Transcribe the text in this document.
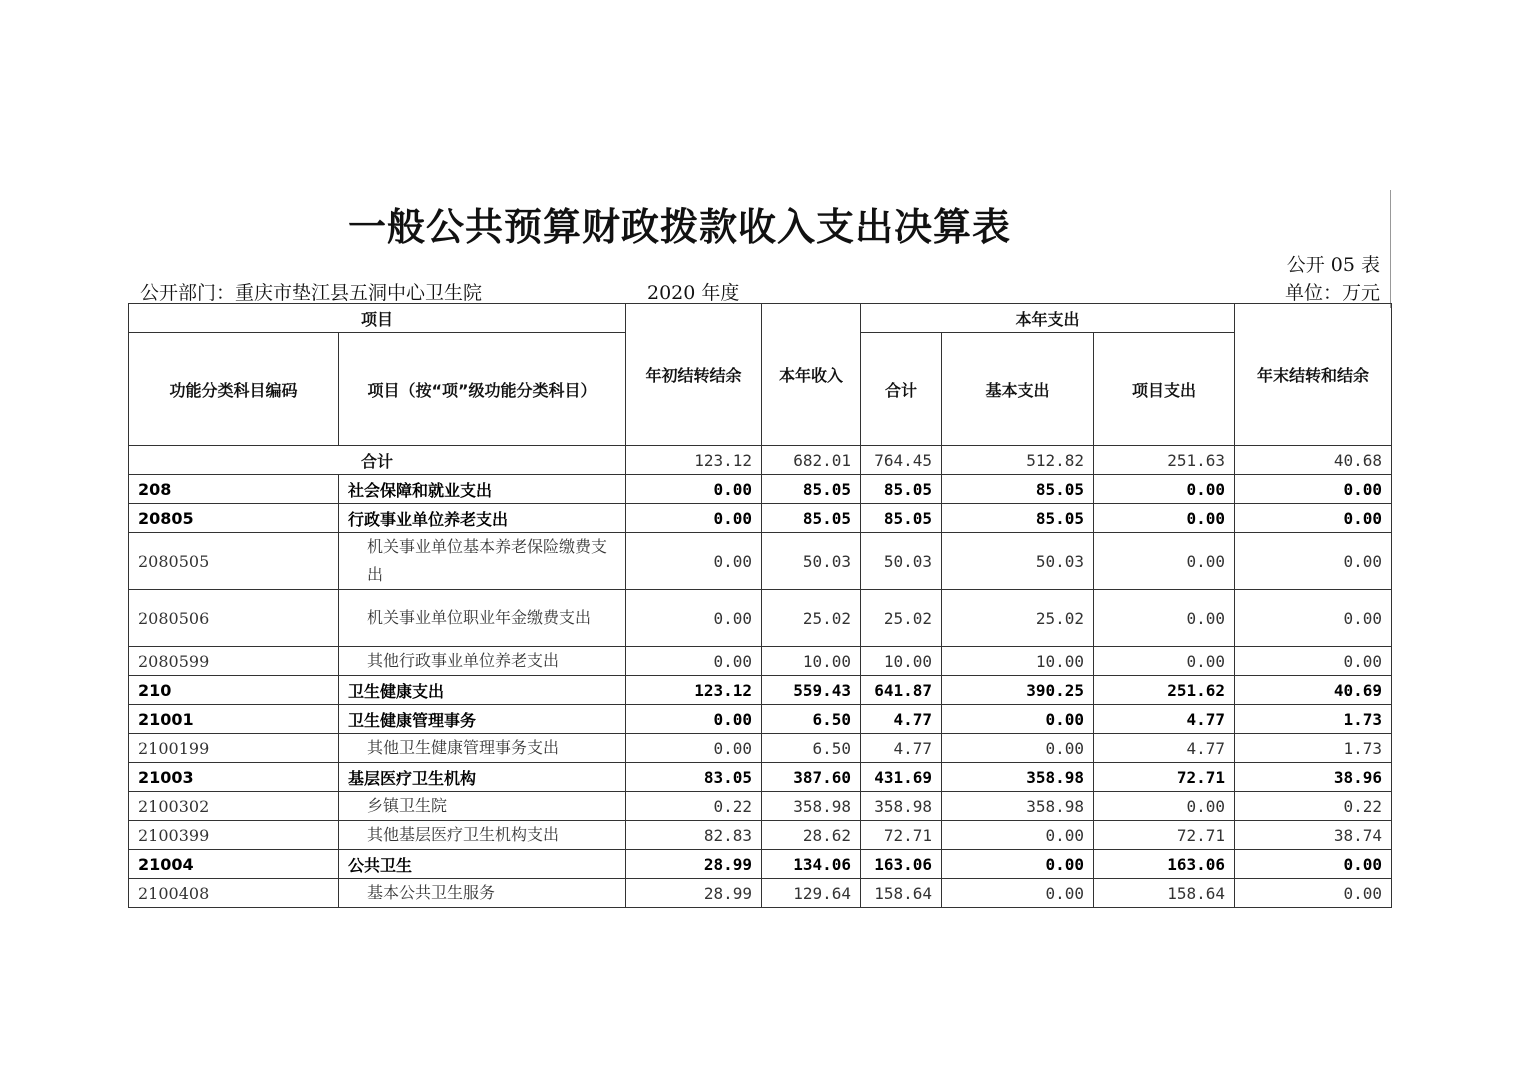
一般公共预算财政拨款收入支出决算表
公开 05 表
公开部门：重庆市垫江县五洞中心卫生院	2020 年度	单位：万元
项目		年初结转结余	本年收入	本年支出			年末结转和结余
功能分类科目编码	项目（按“项”级功能分类科目）			合计	基本支出	项目支出	
合计		123.12	682.01	764.45	512.82	251.63	40.68
208	社会保障和就业支出	0.00	85.05	85.05	85.05	0.00	0.00
20805	行政事业单位养老支出	0.00	85.05	85.05	85.05	0.00	0.00
2080505	机关事业单位基本养老保险缴费支出	0.00	50.03	50.03	50.03	0.00	0.00
2080506	机关事业单位职业年金缴费支出	0.00	25.02	25.02	25.02	0.00	0.00
2080599	其他行政事业单位养老支出	0.00	10.00	10.00	10.00	0.00	0.00
210	卫生健康支出	123.12	559.43	641.87	390.25	251.62	40.69
21001	卫生健康管理事务	0.00	6.50	4.77	0.00	4.77	1.73
2100199	其他卫生健康管理事务支出	0.00	6.50	4.77	0.00	4.77	1.73
21003	基层医疗卫生机构	83.05	387.60	431.69	358.98	72.71	38.96
2100302	乡镇卫生院	0.22	358.98	358.98	358.98	0.00	0.22
2100399	其他基层医疗卫生机构支出	82.83	28.62	72.71	0.00	72.71	38.74
21004	公共卫生	28.99	134.06	163.06	0.00	163.06	0.00
2100408	基本公共卫生服务	28.99	129.64	158.64	0.00	158.64	0.00
